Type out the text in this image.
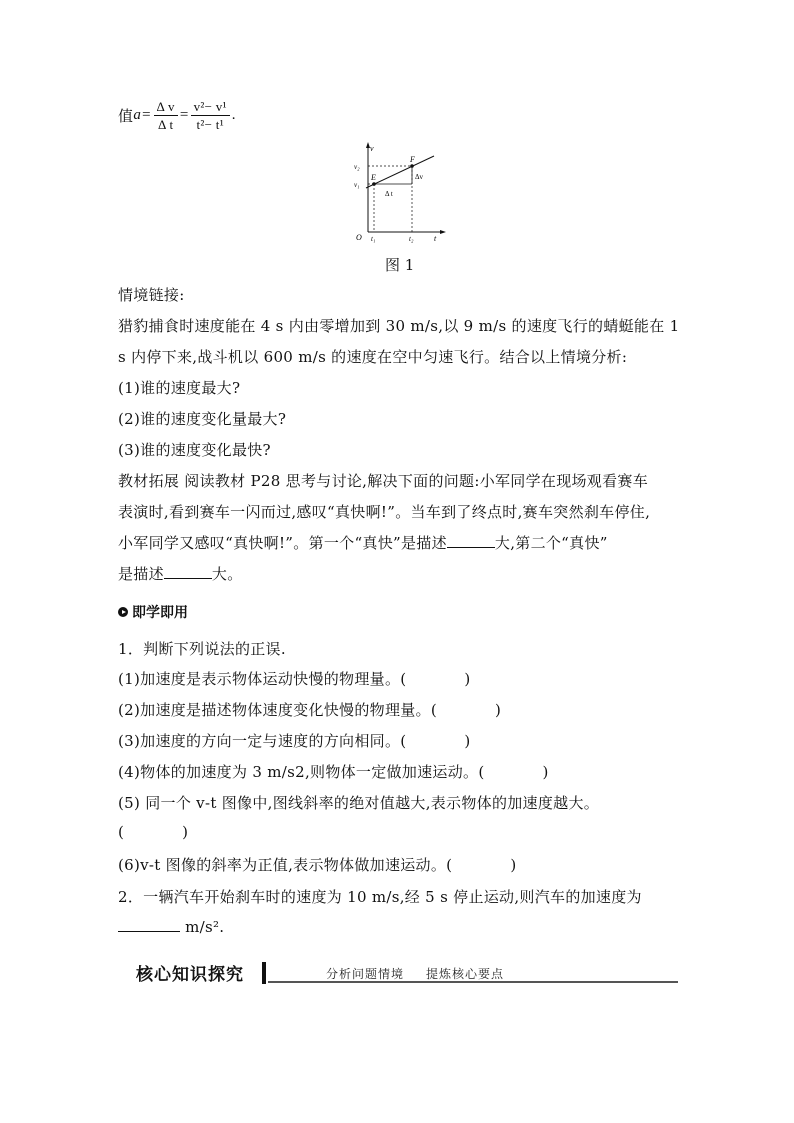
值 $a= \frac{\text{Δ v}}{\text{Δ t}} = \frac{\text{v²− v¹}}{\text{t²− t¹}}$ .
v
t
O
v₂
v₁
t₁	t₂
E
F
Δv
Δ t
图 1
情境链接:
猎豹捕食时速度能在 4 s 内由零增加到 30 m/s,以 9 m/s 的速度飞行的蜻蜓能在 1
s 内停下来,战斗机以 600 m/s 的速度在空中匀速飞行。结合以上情境分析:
(1)谁的速度最大?
(2)谁的速度变化量最大?
(3)谁的速度变化最快?
教材拓展 阅读教材 P28 思考与讨论,解决下面的问题:小军同学在现场观看赛车
表演时,看到赛车一闪而过,感叹“真快啊!”。当车到了终点时,赛车突然刹车停住,
小军同学又感叹“真快啊!”。第一个“真快”是描述	大,第二个“真快”
是描述	大。
即学即用
1．判断下列说法的正误.
(1)加速度是表示物体运动快慢的物理量。(	)
(2)加速度是描述物体速度变化快慢的物理量。(	)
(3)加速度的方向一定与速度的方向相同。(	)
(4)物体的加速度为 3 m/s2,则物体一定做加速运动。(	)
(5) 同一个 v-t 图像中,图线斜率的绝对值越大,表示物体的加速度越大。
(	)
(6)v-t 图像的斜率为正值,表示物体做加速运动。(	)
2．一辆汽车开始刹车时的速度为 10 m/s,经 5 s 停止运动,则汽车的加速度为
m/s².
核心知识探究	分析问题情境 提炼核心要点
